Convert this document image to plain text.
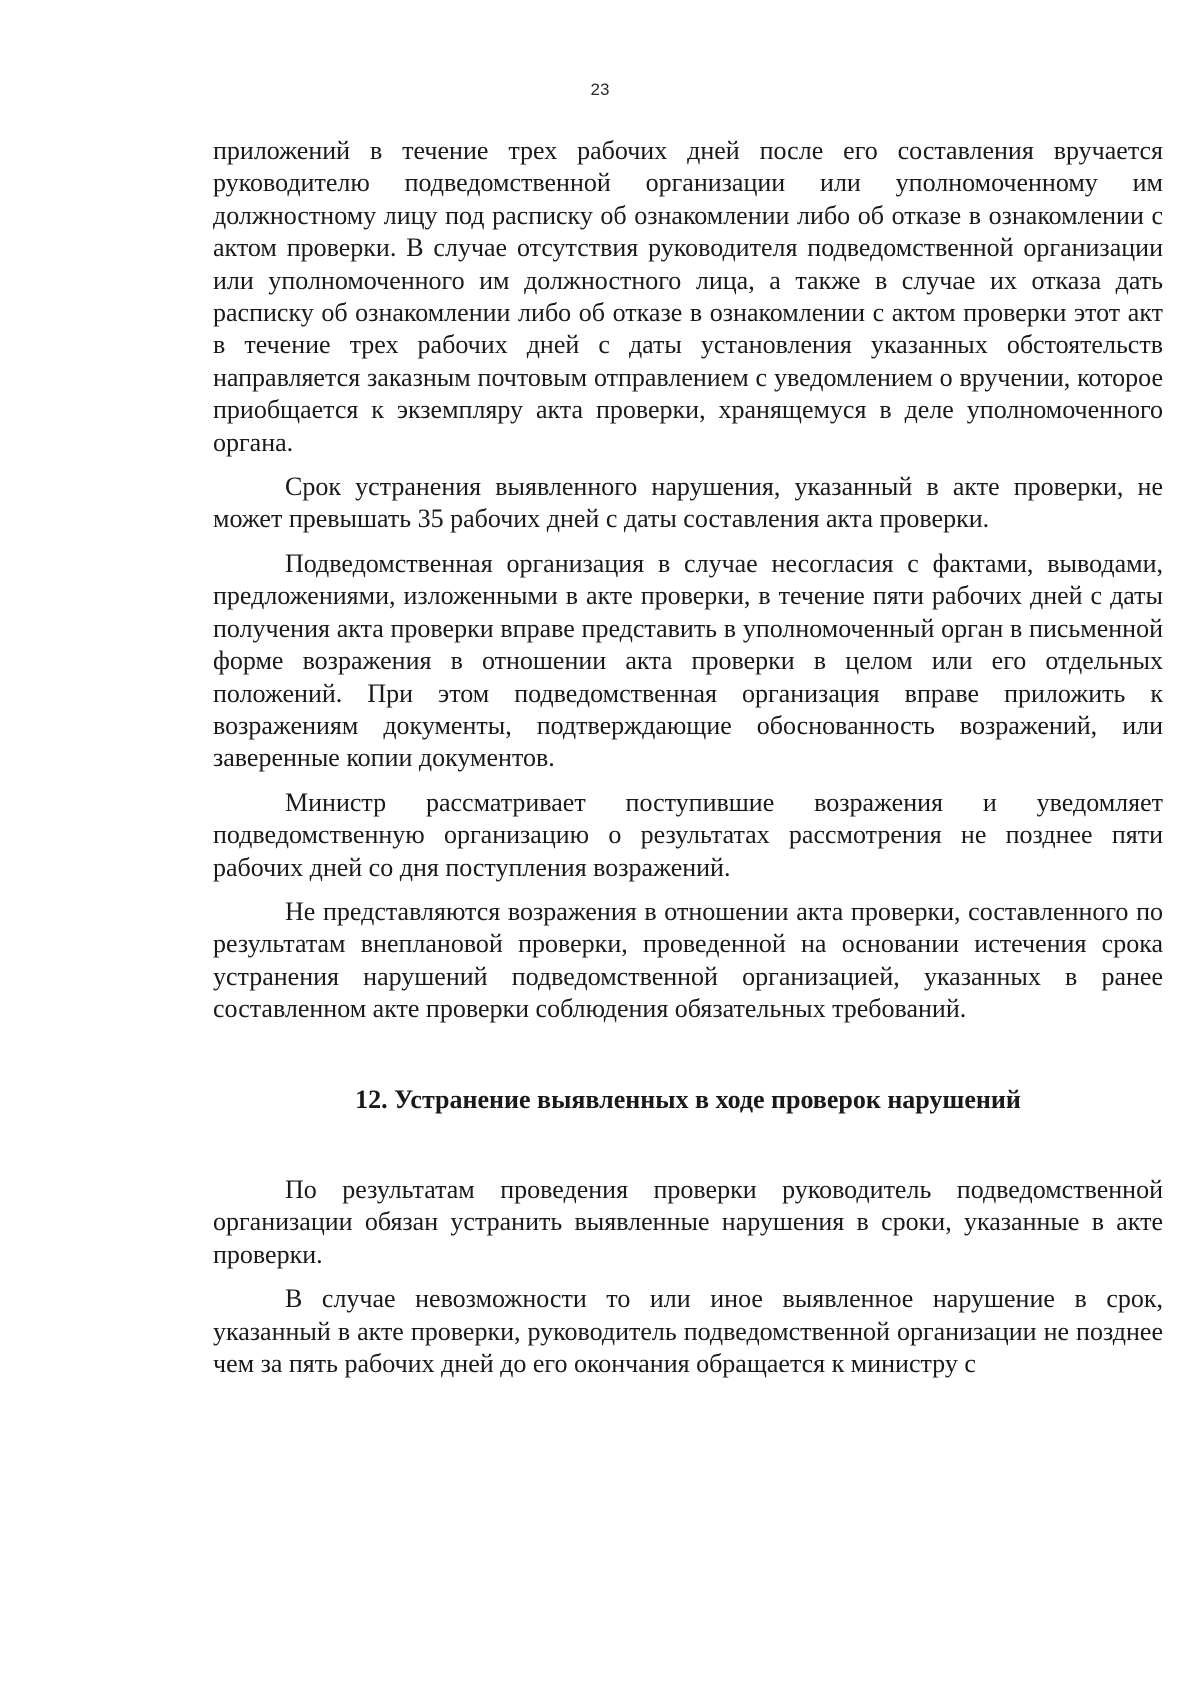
23

приложений в течение трех рабочих дней после его составления вручается руководителю подведомственной организации или уполномоченному им должностному лицу под расписку об ознакомлении либо об отказе в ознакомлении с актом проверки. В случае отсутствия руководителя подведомственной организации или уполномоченного им должностного лица, а также в случае их отказа дать расписку об ознакомлении либо об отказе в ознакомлении с актом проверки этот акт в течение трех рабочих дней с даты установления указанных обстоятельств направляется заказным почтовым отправлением с уведомлением о вручении, которое приобщается к экземпляру акта проверки, хранящемуся в деле уполномоченного органа.

Срок устранения выявленного нарушения, указанный в акте проверки, не может превышать 35 рабочих дней с даты составления акта проверки.

Подведомственная организация в случае несогласия с фактами, выводами, предложениями, изложенными в акте проверки, в течение пяти рабочих дней с даты получения акта проверки вправе представить в уполномоченный орган в письменной форме возражения в отношении акта проверки в целом или его отдельных положений. При этом подведомственная организация вправе приложить к возражениям документы, подтверждающие обоснованность возражений, или заверенные копии документов.

Министр рассматривает поступившие возражения и уведомляет подведомственную организацию о результатах рассмотрения не позднее пяти рабочих дней со дня поступления возражений.

Не представляются возражения в отношении акта проверки, составленного по результатам внеплановой проверки, проведенной на основании истечения срока устранения нарушений подведомственной организацией, указанных в ранее составленном акте проверки соблюдения обязательных требований.

12. Устранение выявленных в ходе проверок нарушений

По результатам проведения проверки руководитель подведомственной организации обязан устранить выявленные нарушения в сроки, указанные в акте проверки.

В случае невозможности то или иное выявленное нарушение в срок, указанный в акте проверки, руководитель подведомственной организации не позднее чем за пять рабочих дней до его окончания обращается к министру с
